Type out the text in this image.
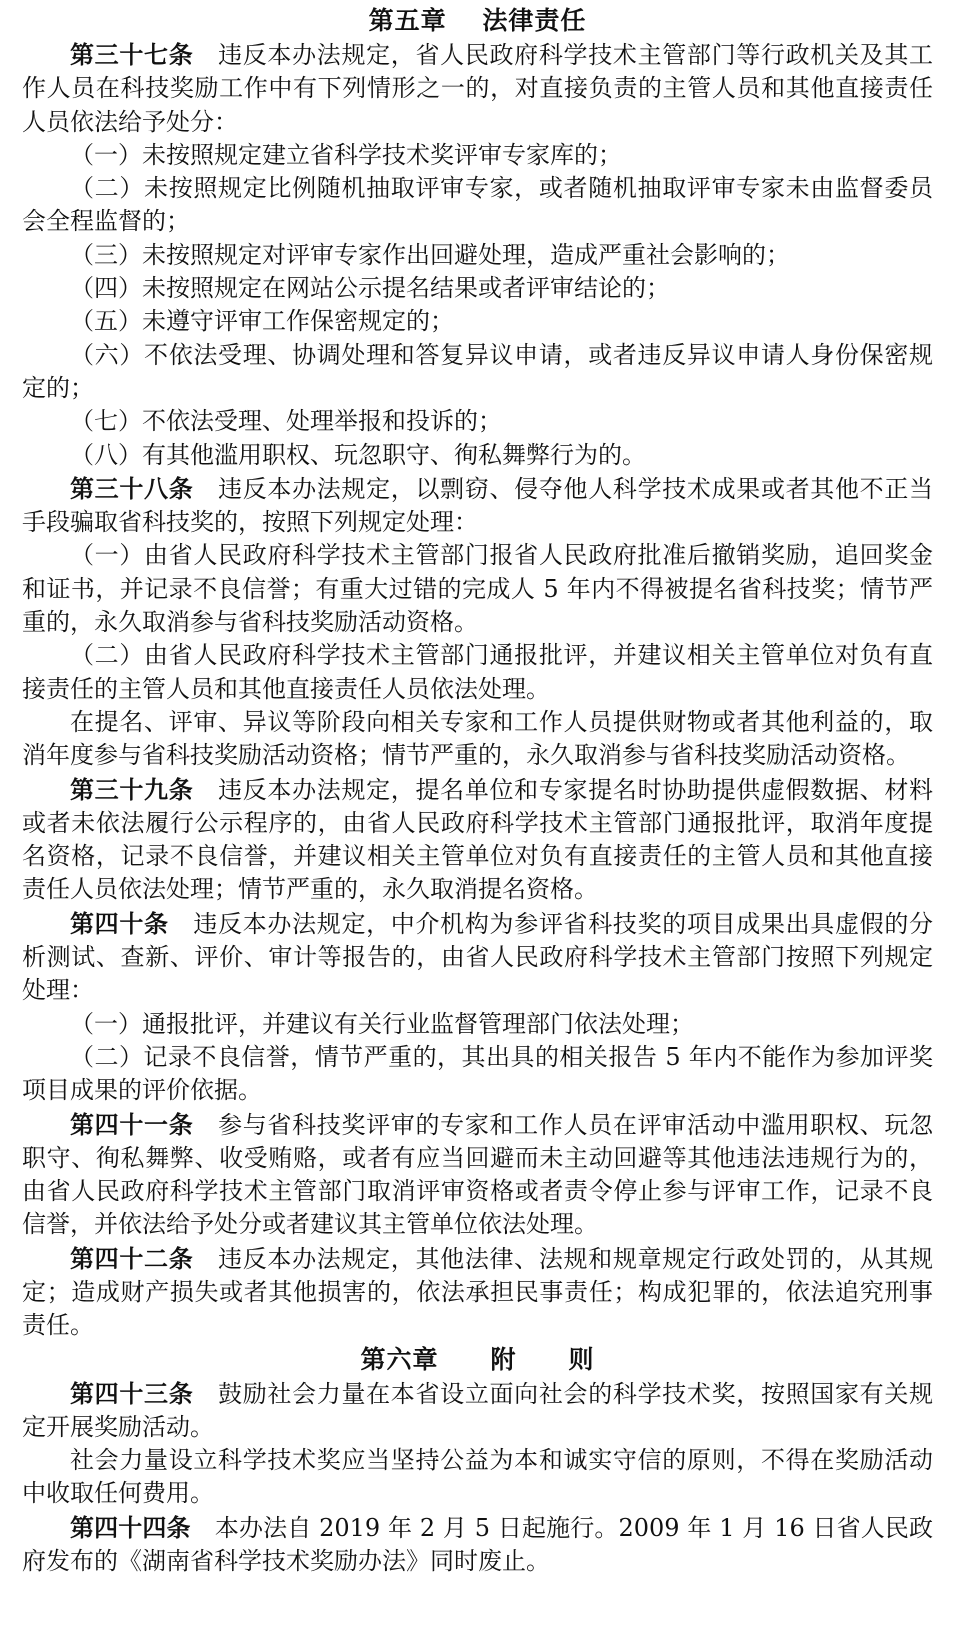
第五章　 法律责任

第三十七条 违反本办法规定，省人民政府科学技术主管部门等行政机关及其工作人员在科技奖励工作中有下列情形之一的，对直接负责的主管人员和其他直接责任人员依法给予处分：

（一）未按照规定建立省科学技术奖评审专家库的；

（二）未按照规定比例随机抽取评审专家，或者随机抽取评审专家未由监督委员会全程监督的；

（三）未按照规定对评审专家作出回避处理，造成严重社会影响的；

（四）未按照规定在网站公示提名结果或者评审结论的；

（五）未遵守评审工作保密规定的；

（六）不依法受理、协调处理和答复异议申请，或者违反异议申请人身份保密规定的；

（七）不依法受理、处理举报和投诉的；

（八）有其他滥用职权、玩忽职守、徇私舞弊行为的。

第三十八条 违反本办法规定，以剽窃、侵夺他人科学技术成果或者其他不正当手段骗取省科技奖的，按照下列规定处理：

（一）由省人民政府科学技术主管部门报省人民政府批准后撤销奖励，追回奖金和证书，并记录不良信誉；有重大过错的完成人 5 年内不得被提名省科技奖；情节严重的，永久取消参与省科技奖励活动资格。

（二）由省人民政府科学技术主管部门通报批评，并建议相关主管单位对负有直接责任的主管人员和其他直接责任人员依法处理。

在提名、评审、异议等阶段向相关专家和工作人员提供财物或者其他利益的，取消年度参与省科技奖励活动资格；情节严重的，永久取消参与省科技奖励活动资格。

第三十九条 违反本办法规定，提名单位和专家提名时协助提供虚假数据、材料或者未依法履行公示程序的，由省人民政府科学技术主管部门通报批评，取消年度提名资格，记录不良信誉，并建议相关主管单位对负有直接责任的主管人员和其他直接责任人员依法处理；情节严重的，永久取消提名资格。

第四十条 违反本办法规定，中介机构为参评省科技奖的项目成果出具虚假的分析测试、查新、评价、审计等报告的，由省人民政府科学技术主管部门按照下列规定处理：

（一）通报批评，并建议有关行业监督管理部门依法处理；

（二）记录不良信誉，情节严重的，其出具的相关报告 5 年内不能作为参加评奖项目成果的评价依据。

第四十一条 参与省科技奖评审的专家和工作人员在评审活动中滥用职权、玩忽职守、徇私舞弊、收受贿赂，或者有应当回避而未主动回避等其他违法违规行为的，由省人民政府科学技术主管部门取消评审资格或者责令停止参与评审工作，记录不良信誉，并依法给予处分或者建议其主管单位依法处理。

第四十二条 违反本办法规定，其他法律、法规和规章规定行政处罚的，从其规定；造成财产损失或者其他损害的，依法承担民事责任；构成犯罪的，依法追究刑事责任。

第六章　　附　　则

第四十三条 鼓励社会力量在本省设立面向社会的科学技术奖，按照国家有关规定开展奖励活动。

社会力量设立科学技术奖应当坚持公益为本和诚实守信的原则，不得在奖励活动中收取任何费用。

第四十四条 本办法自 2019 年 2 月 5 日起施行。2009 年 1 月 16 日省人民政府发布的《湖南省科学技术奖励办法》同时废止。
